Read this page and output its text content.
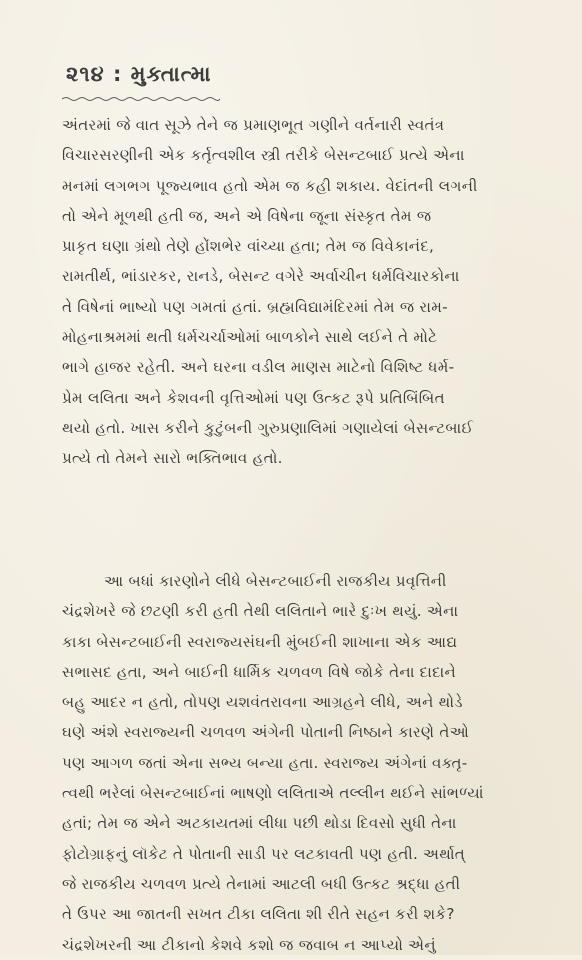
૨૧૪ : મુક્તાત્મા
અંતરમાં જે વાત સૂઝે તેને જ પ્રમાણભૂત ગણીને વર્તનારી સ્વતંત્ર
વિચારસરણીની એક કર્તૃત્વશીલ સ્ત્રી તરીકે બેસન્ટબાઈ પ્રત્યે એના
મનમાં લગભગ પૂજ્યભાવ હતો એમ જ કહી શકાય. વેદાંતની લગની
તો એને મૂળથી હતી જ, અને એ વિષેના જૂના સંસ્કૃત તેમ જ
પ્રાકૃત ઘણા ગ્રંથો તેણે હોંશભેર વાંચ્યા હતા; તેમ જ વિવેકાનંદ,
રામતીર્થ, ભાંડારકર, રાનડે, બેસન્ટ વગેરે અર્વાચીન ધર્મવિચારકોના
તે વિષેનાં ભાષ્યો પણ ગમતાં હતાં. બ્રહ્મવિદ્યામંદિરમાં તેમ જ રામ-
મોહનાશ્રમમાં થતી ધર્મચર્ચાઓમાં બાળકોને સાથે લઈને તે મોટે
ભાગે હાજર રહેતી. અને ઘરના વડીલ માણસ માટેનો વિશિષ્ટ ધર્મ-
પ્રેમ લલિતા અને કેશવની વૃત્તિઓમાં પણ ઉત્કટ રૂપે પ્રતિબિંબિત
થયો હતો. ખાસ કરીને કુટુંબની ગુરુપ્રણાલિમાં ગણાયેલાં બેસન્ટબાઈ
પ્રત્યે તો તેમને સારો ભક્તિભાવ હતો.
આ બધાં કારણોને લીધે બેસન્ટબાઈની રાજકીય પ્રવૃત્તિની
ચંદ્રશેખરે જે છટણી કરી હતી તેથી લલિતાને ભારે દુઃખ થયું. એના
કાકા બેસન્ટબાઈની સ્વરાજ્યસંઘની મુંબઈની શાખાના એક આદ્ય
સભાસદ હતા, અને બાઈની ધાર્મિક ચળવળ વિષે જોકે તેના દાદાને
બહુ આદર ન હતો, તોપણ યશવંતરાવના આગ્રહને લીધે, અને થોડે
ઘણે અંશે સ્વરાજ્યની ચળવળ અંગેની પોતાની નિષ્ઠાને કારણે તેઓ
પણ આગળ જતાં એના સભ્ય બન્યા હતા. સ્વરાજ્ય અંગેનાં વક્તૃ-
ત્વથી ભરેલાં બેસન્ટબાઈનાં ભાષણો લલિતાએ તલ્લીન થઈને સાંભળ્યાં
હતાં; તેમ જ એને અટકાયતમાં લીધા પછી થોડા દિવસો સુધી તેના
ફોટોગ્રાફનું લૉકેટ તે પોતાની સાડી પર લટકાવતી પણ હતી. અર્થાત્
જે રાજકીય ચળવળ પ્રત્યે તેનામાં આટલી બધી ઉત્કટ શ્રદ્ધા હતી
તે ઉપર આ જાતની સખત ટીકા લલિતા શી રીતે સહન કરી શકે?
ચંદ્રશેખરની આ ટીકાનો કેશવે કશો જ જવાબ ન આપ્યો એનું
